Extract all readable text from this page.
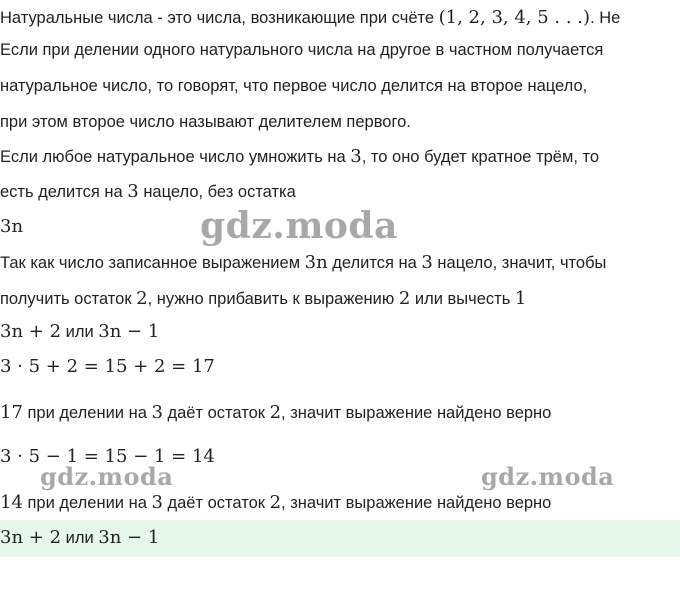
Натуральные числа - это числа, возникающие при счёте (1, 2, 3, 4, 5 . . .). Не
Если при делении одного натурального числа на другое в частном получается
натуральное число, то говорят, что первое число делится на второе нацело,
при этом второе число называют делителем первого.
Если любое натуральное число умножить на 3, то оно будет кратное трём, то
есть делится на 3 нацело, без остатка
3n
Так как число записанное выражением 3n делится на 3 нацело, значит, чтобы
получить остаток 2, нужно прибавить к выражению 2 или вычесть 1
3n + 2 или 3n − 1
3 · 5 + 2 = 15 + 2 = 17
17 при делении на 3 даёт остаток 2, значит выражение найдено верно
3 · 5 − 1 = 15 − 1 = 14
14 при делении на 3 даёт остаток 2, значит выражение найдено верно
3n + 2 или 3n − 1
gdz.moda
gdz.moda	gdz.moda
